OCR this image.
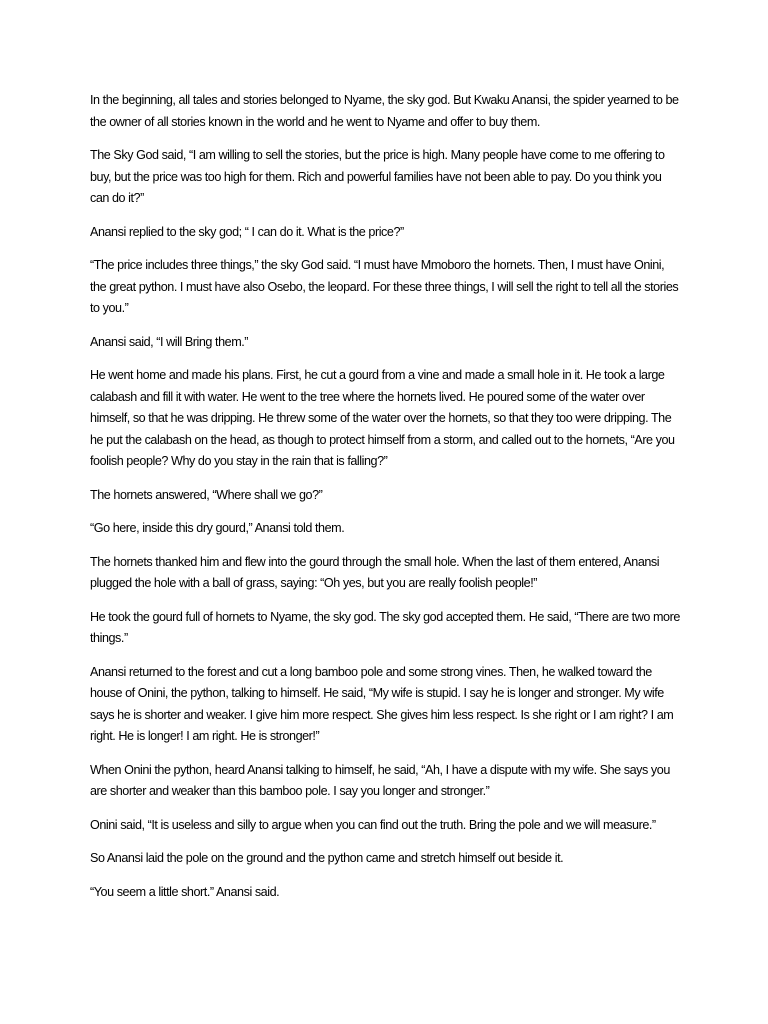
In the beginning, all tales and stories belonged to Nyame, the sky god. But Kwaku Anansi, the spider yearned to be the owner of all stories known in the world and he went to Nyame and offer to buy them.

The Sky God said, “I am willing to sell the stories, but the price is high. Many people have come to me offering to buy, but the price was too high for them. Rich and powerful families have not been able to pay. Do you think you can do it?”

Anansi replied to the sky god; “ I can do it. What is the price?”

“The price includes three things,” the sky God said. “I must have Mmoboro the hornets. Then, I must have Onini, the great python. I must have also Osebo, the leopard. For these three things, I will sell the right to tell all the stories to you.”

Anansi said, “I will Bring them.”

He went home and made his plans. First, he cut a gourd from a vine and made a small hole in it. He took a large calabash and fill it with water. He went to the tree where the hornets lived. He poured some of the water over himself, so that he was dripping. He threw some of the water over the hornets, so that they too were dripping. The he put the calabash on the head, as though to protect himself from a storm, and called out to the hornets, “Are you foolish people? Why do you stay in the rain that is falling?”

The hornets answered, “Where shall we go?”

“Go here, inside this dry gourd,” Anansi told them.

The hornets thanked him and flew into the gourd through the small hole. When the last of them entered, Anansi plugged the hole with a ball of grass, saying: “Oh yes, but you are really foolish people!”

He took the gourd full of hornets to Nyame, the sky god. The sky god accepted them. He said, “There are two more things.”

Anansi returned to the forest and cut a long bamboo pole and some strong vines. Then, he walked toward the house of Onini, the python, talking to himself. He said, “My wife is stupid. I say he is longer and stronger. My wife says he is shorter and weaker. I give him more respect. She gives him less respect. Is she right or I am right? I am right. He is longer! I am right. He is stronger!”

When Onini the python, heard Anansi talking to himself, he said, “Ah, I have a dispute with my wife. She says you are shorter and weaker than this bamboo pole. I say you longer and stronger.”

Onini said, “It is useless and silly to argue when you can find out the truth. Bring the pole and we will measure.”

So Anansi laid the pole on the ground and the python came and stretch himself out beside it.

“You seem a little short.” Anansi said.
